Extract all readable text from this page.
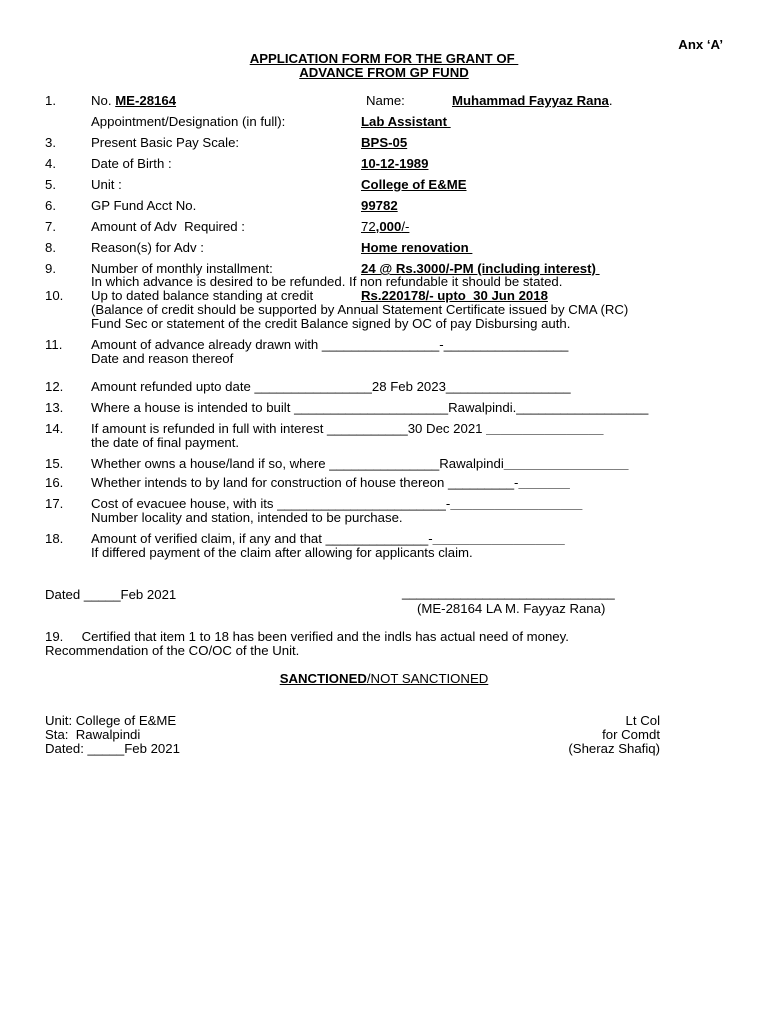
Anx ‘A’
APPLICATION FORM FOR THE GRANT OF
ADVANCE FROM GP FUND
1.	No. ME-28164	Name:	Muhammad Fayyaz Rana.
Appointment/Designation (in full):	Lab Assistant
3.	Present Basic Pay Scale:	BPS-05
4.	Date of Birth :	10-12-1989
5.	Unit :	College of E&ME
6.	GP Fund Acct No.	99782
7.	Amount of Adv  Required :	72,000/-
8.	Reason(s) for Adv :	Home renovation
9.	Number of monthly installment:	24 @ Rs.3000/-PM (including interest)
In which advance is desired to be refunded. If non refundable it should be stated.
10. Up to dated balance standing at credit	Rs.220178/- upto  30 Jun 2018
(Balance of credit should be supported by Annual Statement Certificate issued by CMA (RC)
Fund Sec or statement of the credit Balance signed by OC of pay Disbursing auth.
11. Amount of advance already drawn with ________________-_________________
Date and reason thereof
12. Amount refunded upto date ________________28 Feb 2023_________________
13. Where a house is intended to built _____________________Rawalpindi.__________________
14. If amount is refunded in full with interest ___________30 Dec 2021 ________________
the date of final payment.
15. Whether owns a house/land if so, where _______________Rawalpindi_________________
16. Whether intends to by land for construction of house thereon _________-_______
17. Cost of evacuee house, with its _______________________-__________________
Number locality and station, intended to be purchase.
18. Amount of verified claim, if any and that ______________-__________________
If differed payment of the claim after allowing for applicants claim.
Dated _____Feb 2021	_____________________________
(ME-28164 LA M. Fayyaz Rana)
19.     Certified that item 1 to 18 has been verified and the indls has actual need of money.
Recommendation of the CO/OC of the Unit.
SANCTIONED/NOT SANCTIONED
Unit: College of E&ME
Sta:  Rawalpindi
Dated: _____Feb 2021
Lt Col
for Comdt
(Sheraz Shafiq)
